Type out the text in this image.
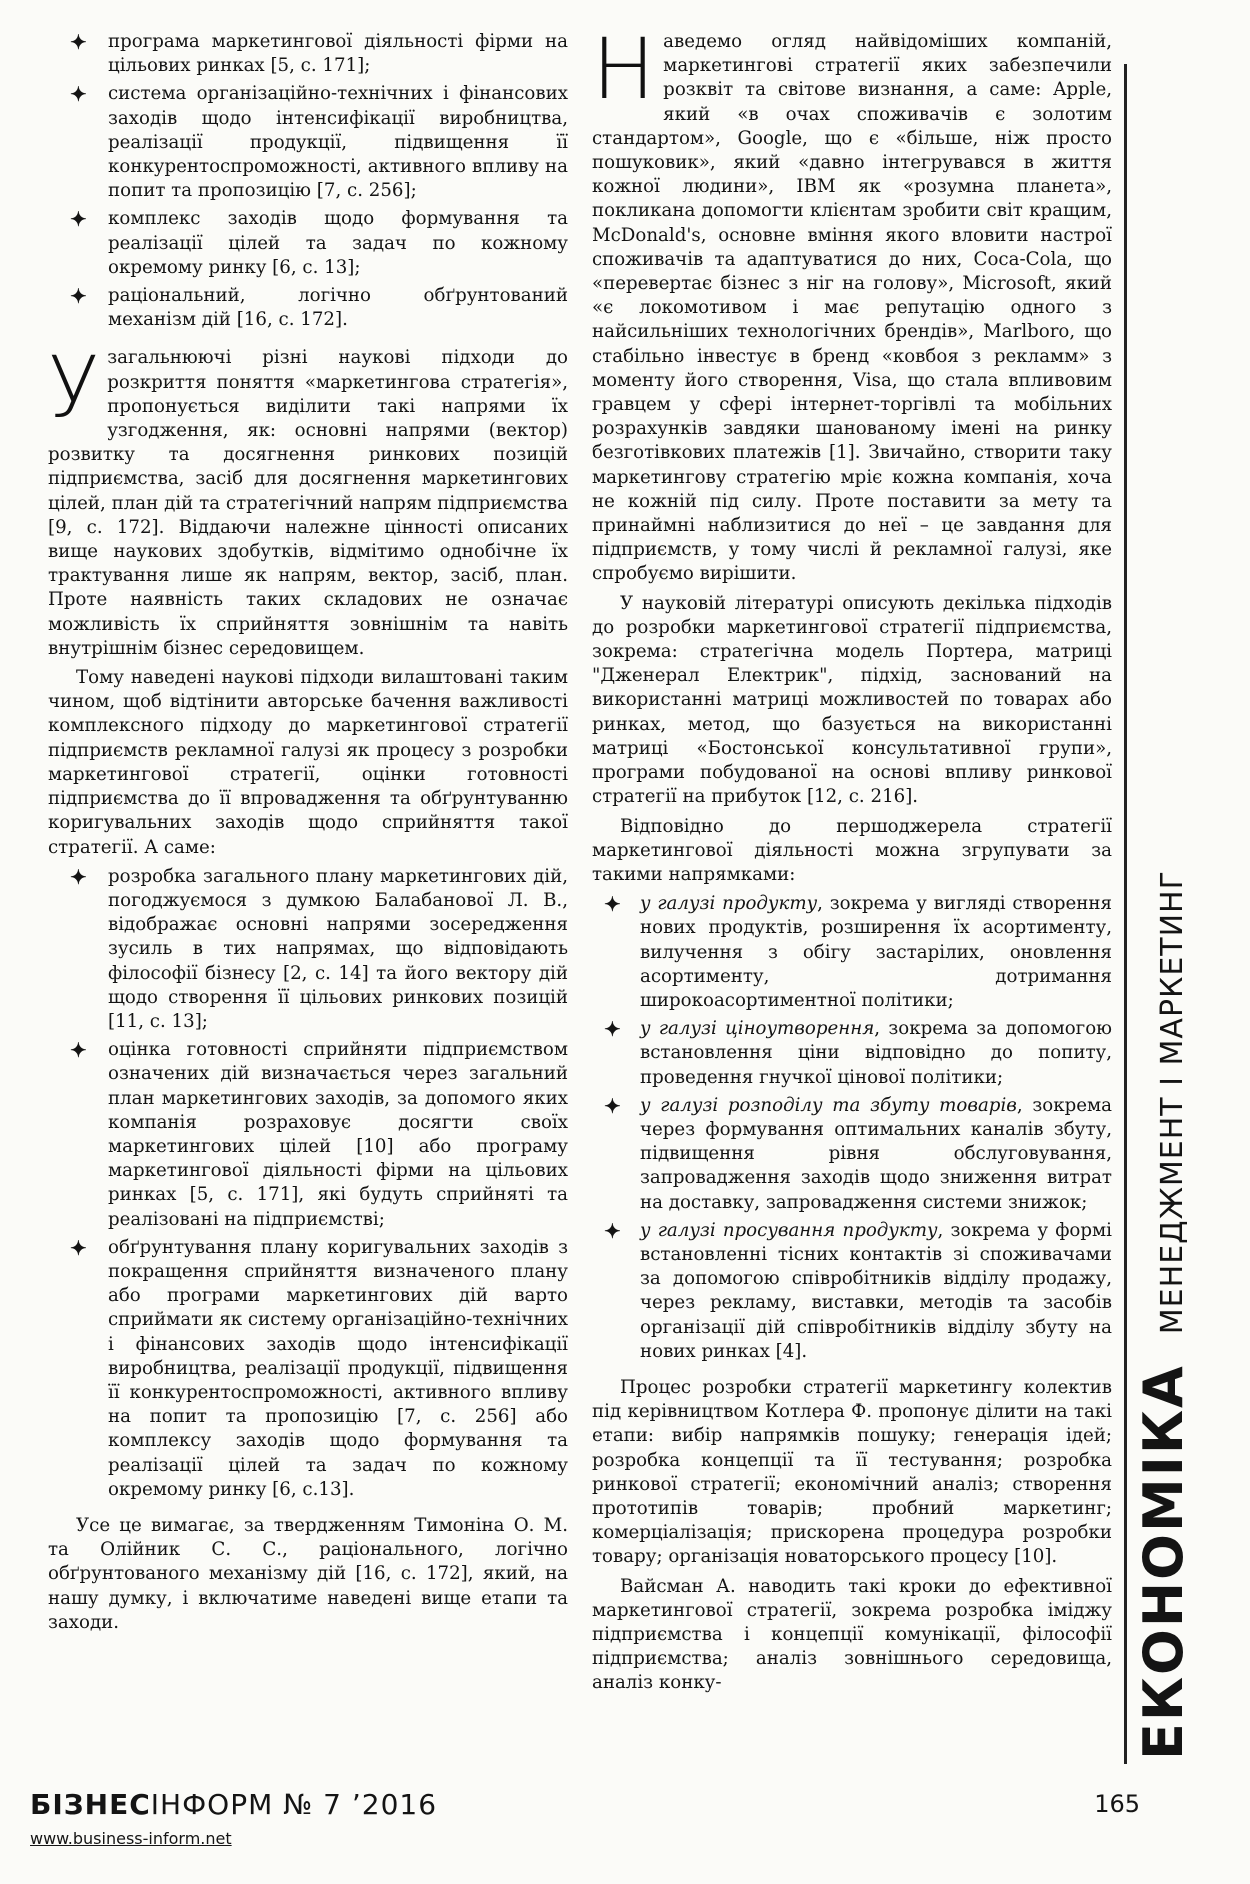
✦ програма маркетингової діяльності фірми на цільових ринках [5, с. 171];
✦ система організаційно-технічних і фінансових заходів щодо інтенсифікації виробництва, реалізації продукції, підвищення її конкурентоспроможності, активного впливу на попит та пропозицію [7, с. 256];
✦ комплекс заходів щодо формування та реалізації цілей та задач по кожному окремому ринку [6, с. 13];
✦ раціональний, логічно обґрунтований механізм дій [16, с. 172].

Узагальнюючі різні наукові підходи до розкриття поняття «маркетингова стратегія», пропонується виділити такі напрями їх узгодження, як: основні напрями (вектор) розвитку та досягнення ринкових позицій підприємства, засіб для досягнення маркетингових цілей, план дій та стратегічний напрям підприємства [9, с. 172]. Віддаючи належне цінності описаних вище наукових здобутків, відмітимо однобічне їх трактування лише як напрям, вектор, засіб, план. Проте наявність таких складових не означає можливість їх сприйняття зовнішнім та навіть внутрішнім бізнес середовищем.

Тому наведені наукові підходи вилаштовані таким чином, щоб відтінити авторське бачення важливості комплексного підходу до маркетингової стратегії підприємств рекламної галузі як процесу з розробки маркетингової стратегії, оцінки готовності підприємства до її впровадження та обґрунтуванню коригувальних заходів щодо сприйняття такої стратегії. А саме:

✦ розробка загального плану маркетингових дій, погоджуємося з думкою Балабанової Л. В., відображає основні напрями зосередження зусиль в тих напрямах, що відповідають філософії бізнесу [2, с. 14] та його вектору дій щодо створення її цільових ринкових позицій [11, с. 13];
✦ оцінка готовності сприйняти підприємством означених дій визначається через загальний план маркетингових заходів, за допомого яких компанія розраховує досягти своїх маркетингових цілей [10] або програму маркетингової діяльності фірми на цільових ринках [5, с. 171], які будуть сприйняті та реалізовані на підприємстві;
✦ обґрунтування плану коригувальних заходів з покращення сприйняття визначеного плану або програми маркетингових дій варто сприймати як систему організаційно-технічних і фінансових заходів щодо інтенсифікації виробництва, реалізації продукції, підвищення її конкурентоспроможності, активного впливу на попит та пропозицію [7, с. 256] або комплексу заходів щодо формування та реалізації цілей та задач по кожному окремому ринку [6, с.13].

Усе це вимагає, за твердженням Тимоніна О. М. та Олійник С. С., раціонального, логічно обґрунтованого механізму дій [16, с. 172], який, на нашу думку, і включатиме наведені вище етапи та заходи.

Наведемо огляд найвідоміших компаній, маркетингові стратегії яких забезпечили розквіт та світове визнання, а саме: Apple, який «в очах споживачів є золотим стандартом», Google, що є «більше, ніж просто пошуковик», який «давно інтегрувався в життя кожної людини», IBM як «розумна планета», покликана допомогти клієнтам зробити світ кращим, McDonald's, основне вміння якого вловити настрої споживачів та адаптуватися до них, Coca-Cola, що «перевертає бізнес з ніг на голову», Microsoft, який «є локомотивом і має репутацію одного з найсильніших технологічних брендів», Marlboro, що стабільно інвестує в бренд «ковбоя з рекламм» з моменту його створення, Visa, що стала впливовим гравцем у сфері інтернет-торгівлі та мобільних розрахунків завдяки шанованому імені на ринку безготівкових платежів [1]. Звичайно, створити таку маркетингову стратегію мріє кожна компанія, хоча не кожній під силу. Проте поставити за мету та принаймні наблизитися до неї – це завдання для підприємств, у тому числі й рекламної галузі, яке спробуємо вирішити.

У науковій літературі описують декілька підходів до розробки маркетингової стратегії підприємства, зокрема: стратегічна модель Портера, матриці "Дженерал Електрик", підхід, заснований на використанні матриці можливостей по товарах або ринках, метод, що базується на використанні матриці «Бостонської консультативної групи», програми побудованої на основі впливу ринкової стратегії на прибуток [12, с. 216].

Відповідно до першоджерела стратегії маркетингової діяльності можна згрупувати за такими напрямками:

✦ у галузі продукту, зокрема у вигляді створення нових продуктів, розширення їх асортименту, вилучення з обігу застарілих, оновлення асортименту, дотримання широкоасортиментної політики;
✦ у галузі ціноутворення, зокрема за допомогою встановлення ціни відповідно до попиту, проведення гнучкої цінової політики;
✦ у галузі розподілу та збуту товарів, зокрема через формування оптимальних каналів збуту, підвищення рівня обслуговування, запровадження заходів щодо зниження витрат на доставку, запровадження системи знижок;
✦ у галузі просування продукту, зокрема у формі встановленні тісних контактів зі споживачами за допомогою співробітників відділу продажу, через рекламу, виставки, методів та засобів організації дій співробітників відділу збуту на нових ринках [4].

Процес розробки стратегії маркетингу колектив під керівництвом Котлера Ф. пропонує ділити на такі етапи: вибір напрямків пошуку; генерація ідей; розробка концепції та її тестування; розробка ринкової стратегії; економічний аналіз; створення прототипів товарів; пробний маркетинг; комерціалізація; прискорена процедура розробки товару; організація новаторського процесу [10].

Вайсман А. наводить такі кроки до ефективної маркетингової стратегії, зокрема розробка іміджу підприємства і концепції комунікації, філософії підприємства; аналіз зовнішнього середовища, аналіз конку-	ЕКОНОМІКАМЕНЕДЖМЕНТ І МАРКЕТИНГ
БІЗНЕСІНФОРМ № 7 ’2016	165
www.business-inform.net
